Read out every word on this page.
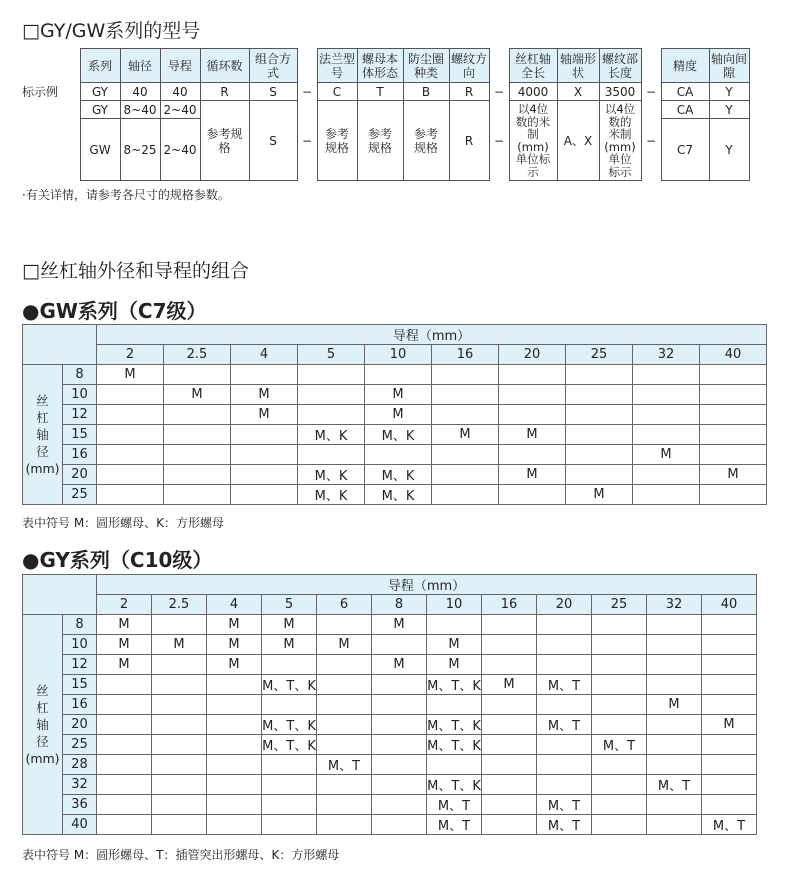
□GY/GW系列的型号
	系列	轴径	导程	循环数	组合方式		法兰型号	螺母本体形态	防尘圈种类	螺纹方向		丝杠轴全长	轴端形状	螺纹部长度		精度	轴向间隙
标示例	GY	40	40	R	S	−	C	T	B	R	−	4000	X	3500	−	CA	Y
	GY	8~40	2~40	参考规格	S	−	参考规格	参考规格	参考规格	R	−	以4位数的米制(mm)单位标示	A、X	以4位数的米制(mm)单位标示	−	CA	Y
	GW	8~25	2~40													C7	Y
·有关详情，请参考各尺寸的规格参数。
□丝杠轴外径和导程的组合
●GW系列（C7级）
		导程（mm）									
		2	2.5	4	5	10	16	20	25	32	40

丝
杠
轴
径
(mm)	8	M									
	10		M	M		M					
	12			M		M					
	15				M、K	M、K	M	M			
	16									M	
	20				M、K	M、K		M			M
	25				M、K	M、K			M		
表中符号 M：圆形螺母、K：方形螺母
●GY系列（C10级）
		导程（mm）											
		2	2.5	4	5	6	8	10	16	20	25	32	40

丝
杠
轴
径
(mm)	8	M		M	M		M						
	10	M	M	M	M	M		M					
	12	M		M			M	M					
	15				M、T、K			M、T、K	M	M、T			
	16											M	
	20				M、T、K			M、T、K		M、T			M
	25				M、T、K			M、T、K			M、T		
	28					M、T							
	32							M、T、K				M、T	
	36							M、T		M、T			
	40							M、T		M、T			M、T
表中符号 M：圆形螺母、T：插管突出形螺母、K：方形螺母
